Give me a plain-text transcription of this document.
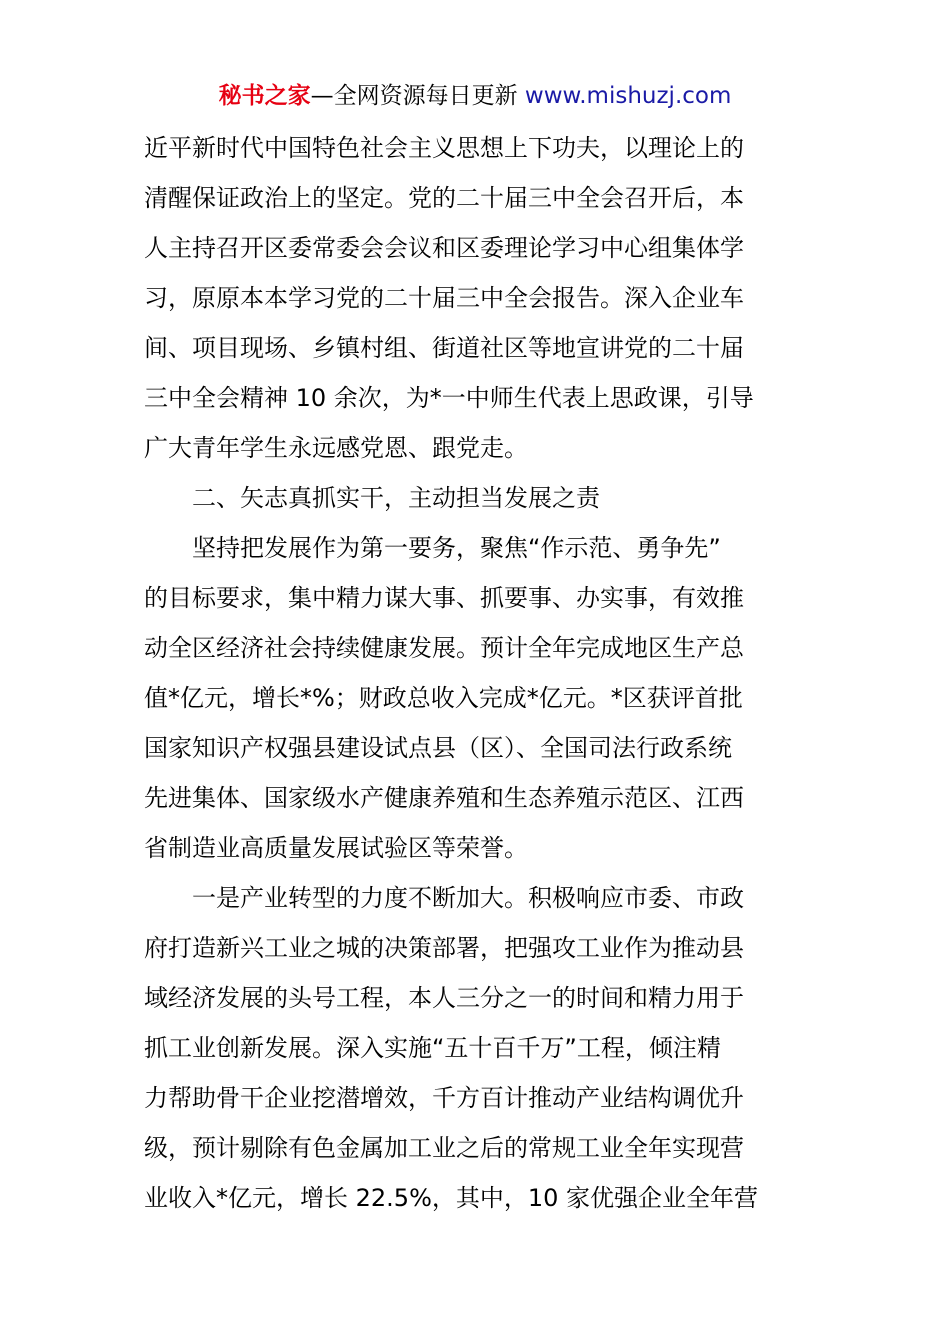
秘书之家—全网资源每日更新 www.mishuzj.com
近平新时代中国特色社会主义思想上下功夫，以理论上的
清醒保证政治上的坚定。党的二十届三中全会召开后，本
人主持召开区委常委会会议和区委理论学习中心组集体学
习，原原本本学习党的二十届三中全会报告。深入企业车
间、项目现场、乡镇村组、街道社区等地宣讲党的二十届
三中全会精神 10 余次，为*一中师生代表上思政课，引导
广大青年学生永远感党恩、跟党走。
二、矢志真抓实干，主动担当发展之责
坚持把发展作为第一要务，聚焦“作示范、勇争先”
的目标要求，集中精力谋大事、抓要事、办实事，有效推
动全区经济社会持续健康发展。预计全年完成地区生产总
值*亿元，增长*%；财政总收入完成*亿元。*区获评首批
国家知识产权强县建设试点县（区）、全国司法行政系统
先进集体、国家级水产健康养殖和生态养殖示范区、江西
省制造业高质量发展试验区等荣誉。
一是产业转型的力度不断加大。积极响应市委、市政
府打造新兴工业之城的决策部署，把强攻工业作为推动县
域经济发展的头号工程，本人三分之一的时间和精力用于
抓工业创新发展。深入实施“五十百千万”工程，倾注精
力帮助骨干企业挖潜增效，千方百计推动产业结构调优升
级，预计剔除有色金属加工业之后的常规工业全年实现营
业收入*亿元，增长 22.5%，其中，10 家优强企业全年营
